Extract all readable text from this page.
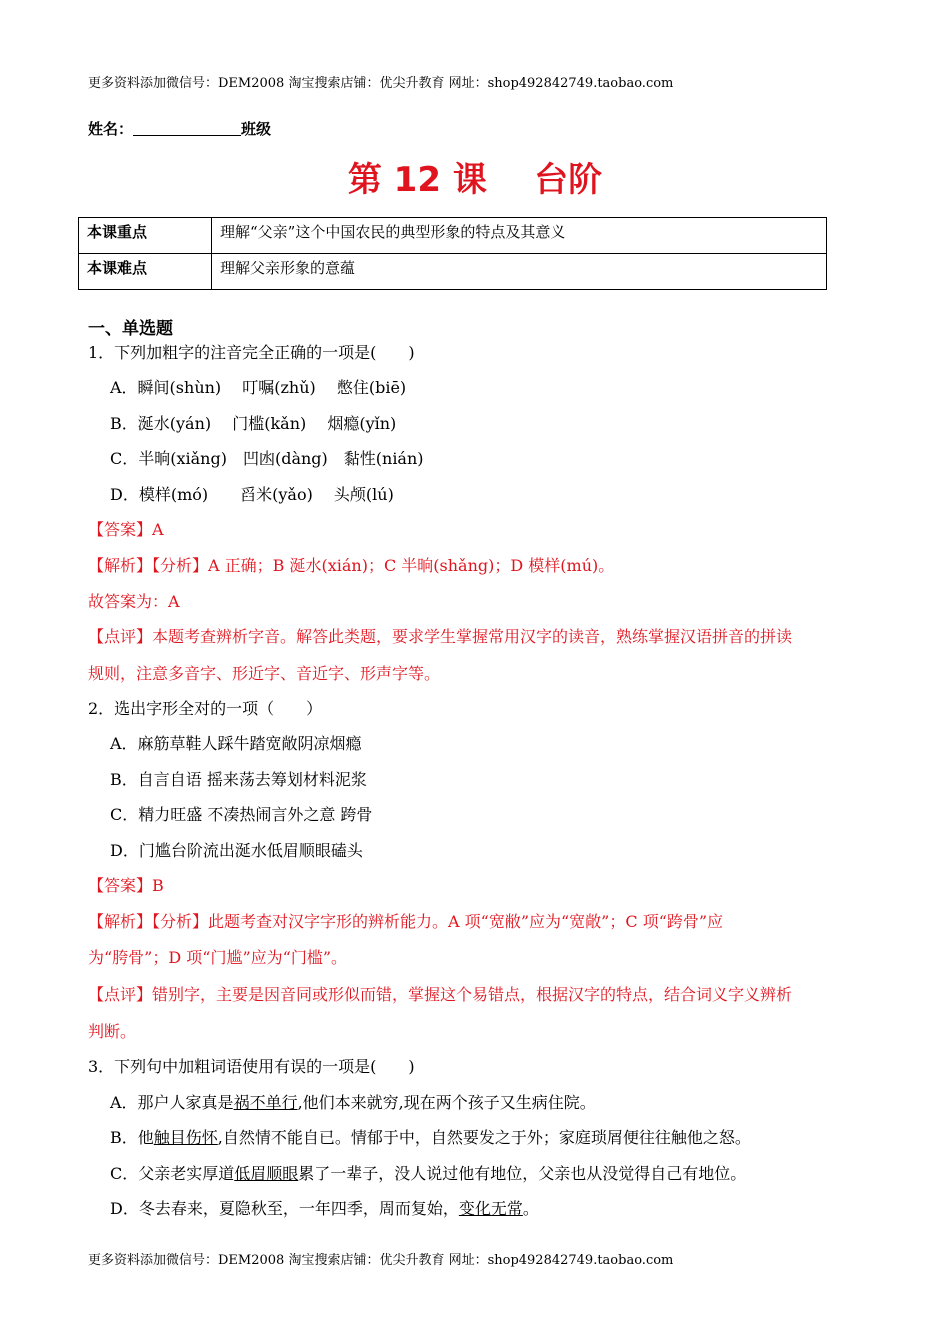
更多资料添加微信号：DEM2008 淘宝搜索店铺：优尖升教育 网址：shop492842749.taobao.com
姓名：	班级
第 12 课    台阶
本课重点	理解“父亲”这个中国农民的典型形象的特点及其意义
本课难点	理解父亲形象的意蕴
一、单选题
1．下列加粗字的注音完全正确的一项是(　　)
A．瞬间(shùn)　 叮嘱(zhǔ)　 憋住(biē)
B．涎水(yán)　 门槛(kǎn)　 烟瘾(yǐn)
C．半晌(xiǎng)　凹凼(dàng)　黏性(nián)
D．模样(mó)　　舀米(yǎo)　 头颅(lú)
【答案】A
【解析】【分析】A 正确；B 涎水(xián)；C 半晌(shǎng)；D 模样(mú)。
故答案为：A
【点评】本题考查辨析字音。解答此类题，要求学生掌握常用汉字的读音，熟练掌握汉语拼音的拼读
规则，注意多音字、形近字、音近字、形声字等。
2．选出字形全对的一项（　　）
A．麻筋草鞋人踩牛踏宽敞阴凉烟瘾
B．自言自语 摇来荡去筹划材料泥浆
C．精力旺盛 不凑热闹言外之意 跨骨
D．门尴台阶流出涎水低眉顺眼磕头
【答案】B
【解析】【分析】此题考查对汉字字形的辨析能力。A 项“宽敝”应为“宽敞”；C 项“跨骨”应
为“胯骨”；D 项“门尴”应为“门槛”。
【点评】错别字，主要是因音同或形似而错，掌握这个易错点，根据汉字的特点，结合词义字义辨析
判断。
3．下列句中加粗词语使用有误的一项是(　　)
A．那户人家真是祸不单行,他们本来就穷,现在两个孩子又生病住院。
B．他触目伤怀,自然情不能自已。情郁于中，自然要发之于外；家庭琐屑便往往触他之怒。
C．父亲老实厚道低眉顺眼累了一辈子，没人说过他有地位，父亲也从没觉得自己有地位。
D．冬去春来，夏隐秋至，一年四季，周而复始，变化无常。
更多资料添加微信号：DEM2008 淘宝搜索店铺：优尖升教育 网址：shop492842749.taobao.com
